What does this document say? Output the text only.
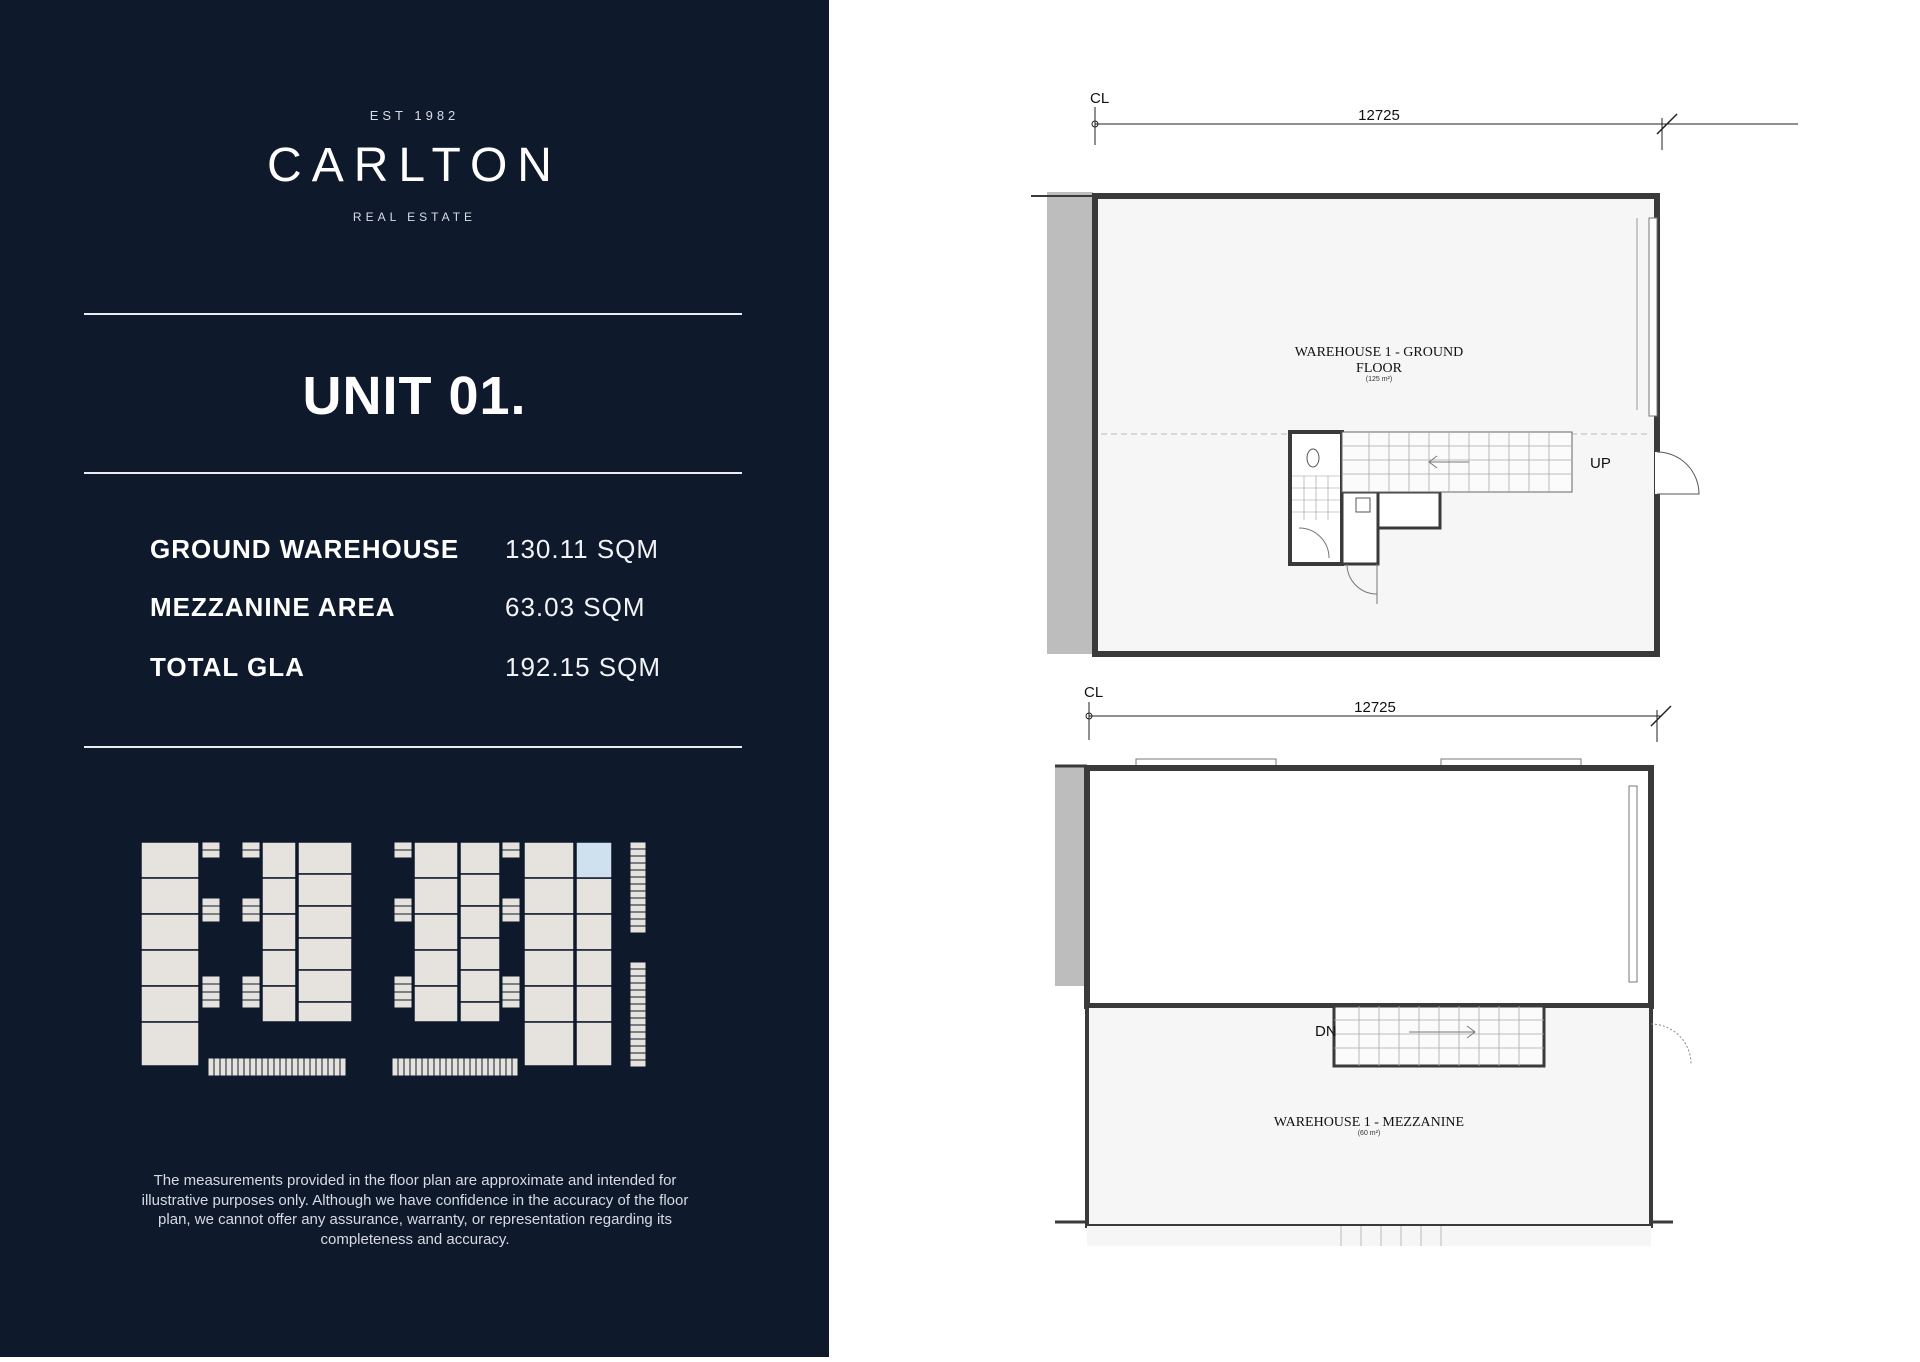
EST 1982
CARLTON
REAL ESTATE
UNIT 01.
GROUND WAREHOUSE 130.11 SQM
MEZZANINE AREA	63.03 SQM
TOTAL GLA	192.15 SQM
The measurements provided in the floor plan are approximate and intended for illustrative purposes only. Although we have confidence in the accuracy of the floor plan, we cannot offer any assurance, warranty, or representation regarding its completeness and accuracy.
CL
12725
WAREHOUSE 1 - GROUND
FLOOR
(125 m²)
UP
CL
12725
DN
WAREHOUSE 1 - MEZZANINE
(60 m²)
